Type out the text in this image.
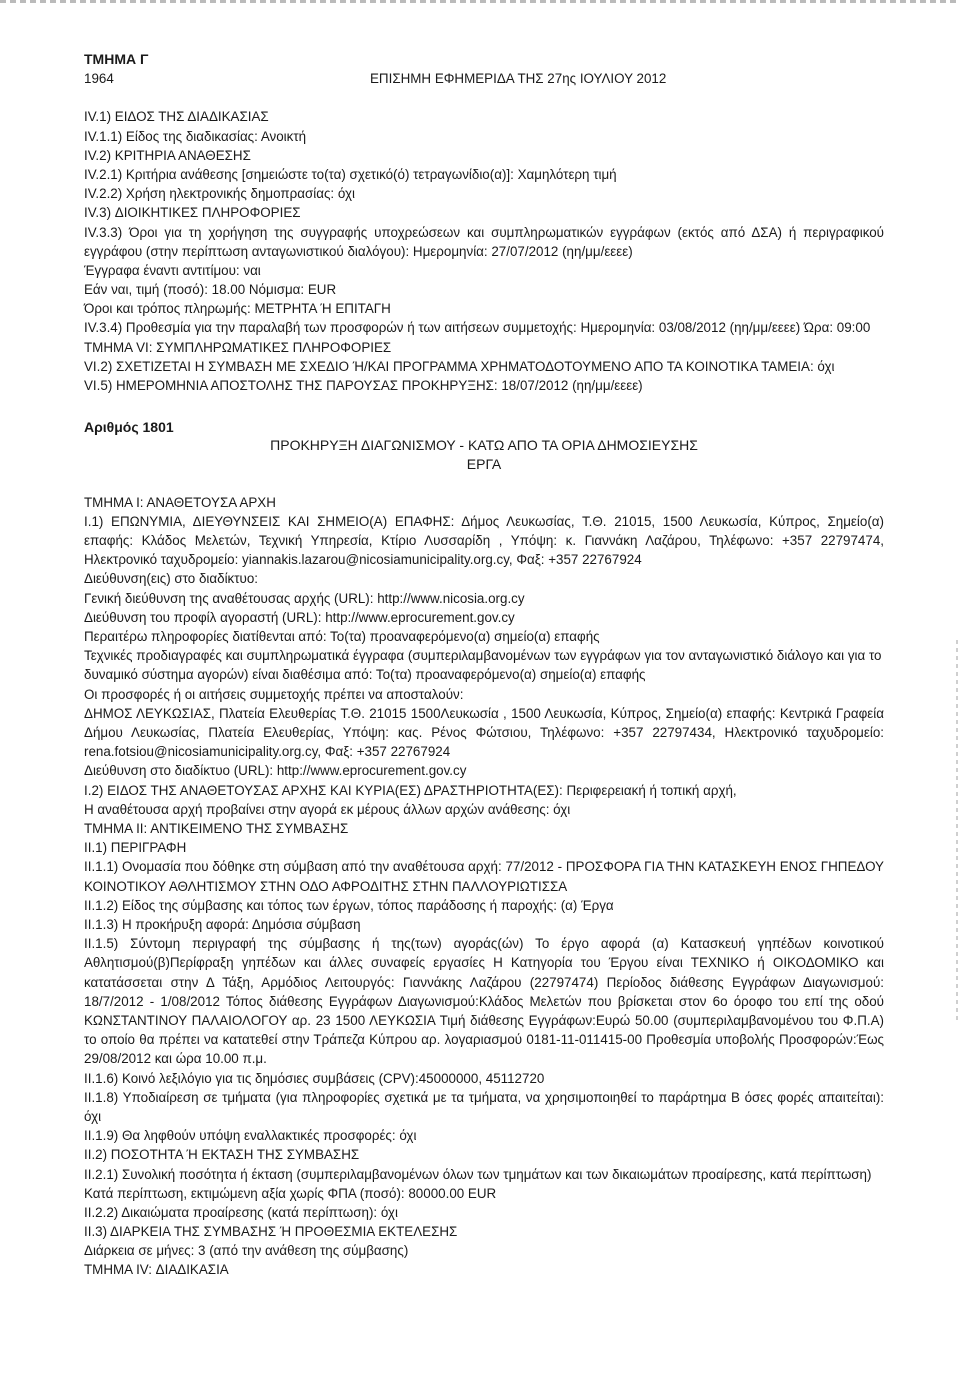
ΤΜΗΜΑ Γ
1964	ΕΠΙΣΗΜΗ ΕΦΗΜΕΡΙΔΑ ΤΗΣ 27ης ΙΟΥΛΙΟΥ 2012
IV.1) ΕΙΔΟΣ ΤΗΣ ΔΙΑΔΙΚΑΣΙΑΣ
IV.1.1) Είδος της διαδικασίας: Ανοικτή
IV.2) ΚΡΙΤΗΡΙΑ ΑΝΑΘΕΣΗΣ
IV.2.1) Κριτήρια ανάθεσης [σημειώστε το(τα) σχετικό(ό) τετραγωνίδιο(α)]: Χαμηλότερη τιμή
IV.2.2) Χρήση ηλεκτρονικής δημοπρασίας: όχι
IV.3) ΔΙΟΙΚΗΤΙΚΕΣ ΠΛΗΡΟΦΟΡΙΕΣ
IV.3.3) Όροι για τη χορήγηση της συγγραφής υποχρεώσεων και συμπληρωματικών εγγράφων (εκτός από ΔΣΑ) ή περιγραφικού εγγράφου (στην περίπτωση ανταγωνιστικού διαλόγου): Ημερομηνία: 27/07/2012 (ηη/μμ/εεεε)
Έγγραφα έναντι αντιτίμου: ναι
Εάν ναι, τιμή (ποσό): 18.00 Νόμισμα: EUR
Όροι και τρόπος πληρωμής: ΜΕΤΡΗΤΑ Ή ΕΠΙΤΑΓΗ
IV.3.4) Προθεσμία για την παραλαβή των προσφορών ή των αιτήσεων συμμετοχής: Ημερομηνία: 03/08/2012 (ηη/μμ/εεεε) Ώρα: 09:00
ΤΜΗΜΑ VI: ΣΥΜΠΛΗΡΩΜΑΤΙΚΕΣ ΠΛΗΡΟΦΟΡΙΕΣ
VI.2) ΣΧΕΤΙΖΕΤΑΙ Η ΣΥΜΒΑΣΗ ΜΕ ΣΧΕΔΙΟ Ή/ΚΑΙ ΠΡΟΓΡΑΜΜΑ ΧΡΗΜΑΤΟΔΟΤΟΥΜΕΝΟ ΑΠΟ ΤΑ ΚΟΙΝΟΤΙΚΑ ΤΑΜΕΙΑ: όχι
VI.5) ΗΜΕΡΟΜΗΝΙΑ ΑΠΟΣΤΟΛΗΣ ΤΗΣ ΠΑΡΟΥΣΑΣ ΠΡΟΚΗΡΥΞΗΣ: 18/07/2012 (ηη/μμ/εεεε)
Αριθμός 1801
ΠΡΟΚΗΡΥΞΗ ΔΙΑΓΩΝΙΣΜΟΥ - ΚΑΤΩ ΑΠΟ ΤΑ ΟΡΙΑ ΔΗΜΟΣΙΕΥΣΗΣ
ΕΡΓΑ
ΤΜΗΜΑ Ι: ΑΝΑΘΕΤΟΥΣΑ ΑΡΧΗ
Ι.1) ΕΠΩΝΥΜΙΑ, ΔΙΕΥΘΥΝΣΕΙΣ ΚΑΙ ΣΗΜΕΙΟ(Α) ΕΠΑΦΗΣ: Δήμος Λευκωσίας, Τ.Θ. 21015, 1500 Λευκωσία, Κύπρος, Σημείο(α) επαφής: Κλάδος Μελετών, Τεχνική Υπηρεσία, Κτίριο Λυσσαρίδη , Υπόψη: κ. Γιαννάκη Λαζάρου, Τηλέφωνο: +357 22797474, Ηλεκτρονικό ταχυδρομείο: yiannakis.lazarou@nicosiamunicipality.org.cy, Φαξ: +357 22767924
Διεύθυνση(εις) στο διαδίκτυο:
Γενική διεύθυνση της αναθέτουσας αρχής (URL): http://www.nicosia.org.cy
Διεύθυνση του προφίλ αγοραστή (URL): http://www.eprocurement.gov.cy
Περαιτέρω πληροφορίες διατίθενται από: Το(τα) προαναφερόμενο(α) σημείο(α) επαφής
Τεχνικές προδιαγραφές και συμπληρωματικά έγγραφα (συμπεριλαμβανομένων των εγγράφων για τον ανταγωνιστικό διάλογο και για το δυναμικό σύστημα αγορών) είναι διαθέσιμα από: Το(τα) προαναφερόμενο(α) σημείο(α) επαφής
Οι προσφορές ή οι αιτήσεις συμμετοχής πρέπει να αποσταλούν:
ΔΗΜΟΣ ΛΕΥΚΩΣΙΑΣ, Πλατεία Ελευθερίας Τ.Θ. 21015 1500Λευκωσία , 1500 Λευκωσία, Κύπρος, Σημείο(α) επαφής: Κεντρικά Γραφεία Δήμου Λευκωσίας, Πλατεία Ελευθερίας, Υπόψη: κας. Ρένος Φώτσιου, Τηλέφωνο: +357 22797434, Ηλεκτρονικό ταχυδρομείο: rena.fotsiou@nicosiamunicipality.org.cy, Φαξ: +357 22767924
Διεύθυνση στο διαδίκτυο (URL): http://www.eprocurement.gov.cy
Ι.2) ΕΙΔΟΣ ΤΗΣ ΑΝΑΘΕΤΟΥΣΑΣ ΑΡΧΗΣ ΚΑΙ ΚΥΡΙΑ(ΕΣ) ΔΡΑΣΤΗΡΙΟΤΗΤΑ(ΕΣ): Περιφερειακή ή τοπική αρχή,
Η αναθέτουσα αρχή προβαίνει στην αγορά εκ μέρους άλλων αρχών ανάθεσης: όχι
ΤΜΗΜΑ ΙΙ: ΑΝΤΙΚΕΙΜΕΝΟ ΤΗΣ ΣΥΜΒΑΣΗΣ
ΙΙ.1) ΠΕΡΙΓΡΑΦΗ
ΙΙ.1.1) Ονομασία που δόθηκε στη σύμβαση από την αναθέτουσα αρχή: 77/2012 - ΠΡΟΣΦΟΡΑ ΓΙΑ ΤΗΝ ΚΑΤΑΣΚΕΥΗ ΕΝΟΣ ΓΗΠΕΔΟΥ ΚΟΙΝΟΤΙΚΟΥ ΑΘΛΗΤΙΣΜΟΥ ΣΤΗΝ ΟΔΟ ΑΦΡΟΔΙΤΗΣ ΣΤΗΝ ΠΑΛΛΟΥΡΙΩΤΙΣΣΑ
ΙΙ.1.2) Είδος της σύμβασης και τόπος των έργων, τόπος παράδοσης ή παροχής: (α) Έργα
ΙΙ.1.3) Η προκήρυξη αφορά: Δημόσια σύμβαση
ΙΙ.1.5) Σύντομη περιγραφή της σύμβασης ή της(των) αγοράς(ών) Το έργο αφορά (α) Κατασκευή γηπέδων κοινοτικού Αθλητισμού(β)Περίφραξη γηπέδων και άλλες συναφείς εργασίες Η Κατηγορία του Έργου είναι ΤΕΧΝΙΚΟ ή ΟΙΚΟΔΟΜΙΚΟ και κατατάσσεται στην Δ Τάξη, Αρμόδιος Λειτουργός: Γιαννάκης Λαζάρου (22797474) Περίοδος διάθεσης Εγγράφων Διαγωνισμού: 18/7/2012 - 1/08/2012 Τόπος διάθεσης Εγγράφων Διαγωνισμού:Κλάδος Μελετών που βρίσκεται στον 6ο όροφο του επί της οδού ΚΩΝΣΤΑΝΤΙΝΟΥ ΠΑΛΑΙΟΛΟΓΟΥ αρ. 23 1500 ΛΕΥΚΩΣΙΑ Τιμή διάθεσης Εγγράφων:Ευρώ 50.00 (συμπεριλαμβανομένου του Φ.Π.Α) το οποίο θα πρέπει να κατατεθεί στην Τράπεζα Κύπρου αρ. λογαριασμού 0181-11-011415-00 Προθεσμία υποβολής Προσφορών:Έως 29/08/2012 και ώρα 10.00 π.μ.
ΙΙ.1.6) Κοινό λεξιλόγιο για τις δημόσιες συμβάσεις (CPV):45000000, 45112720
ΙΙ.1.8) Υποδιαίρεση σε τμήματα (για πληροφορίες σχετικά με τα τμήματα, να χρησιμοποιηθεί το παράρτημα Β όσες φορές απαιτείται): όχι
ΙΙ.1.9) Θα ληφθούν υπόψη εναλλακτικές προσφορές: όχι
ΙΙ.2) ΠΟΣΟΤΗΤΑ Ή ΕΚΤΑΣΗ ΤΗΣ ΣΥΜΒΑΣΗΣ
ΙΙ.2.1) Συνολική ποσότητα ή έκταση (συμπεριλαμβανομένων όλων των τμημάτων και των δικαιωμάτων προαίρεσης, κατά περίπτωση)
Κατά περίπτωση, εκτιμώμενη αξία χωρίς ΦΠΑ (ποσό): 80000.00 EUR
ΙΙ.2.2) Δικαιώματα προαίρεσης (κατά περίπτωση): όχι
ΙΙ.3) ΔΙΑΡΚΕΙΑ ΤΗΣ ΣΥΜΒΑΣΗΣ Ή ΠΡΟΘΕΣΜΙΑ ΕΚΤΕΛΕΣΗΣ
Διάρκεια σε μήνες: 3 (από την ανάθεση της σύμβασης)
ΤΜΗΜΑ IV: ΔΙΑΔΙΚΑΣΙΑ
